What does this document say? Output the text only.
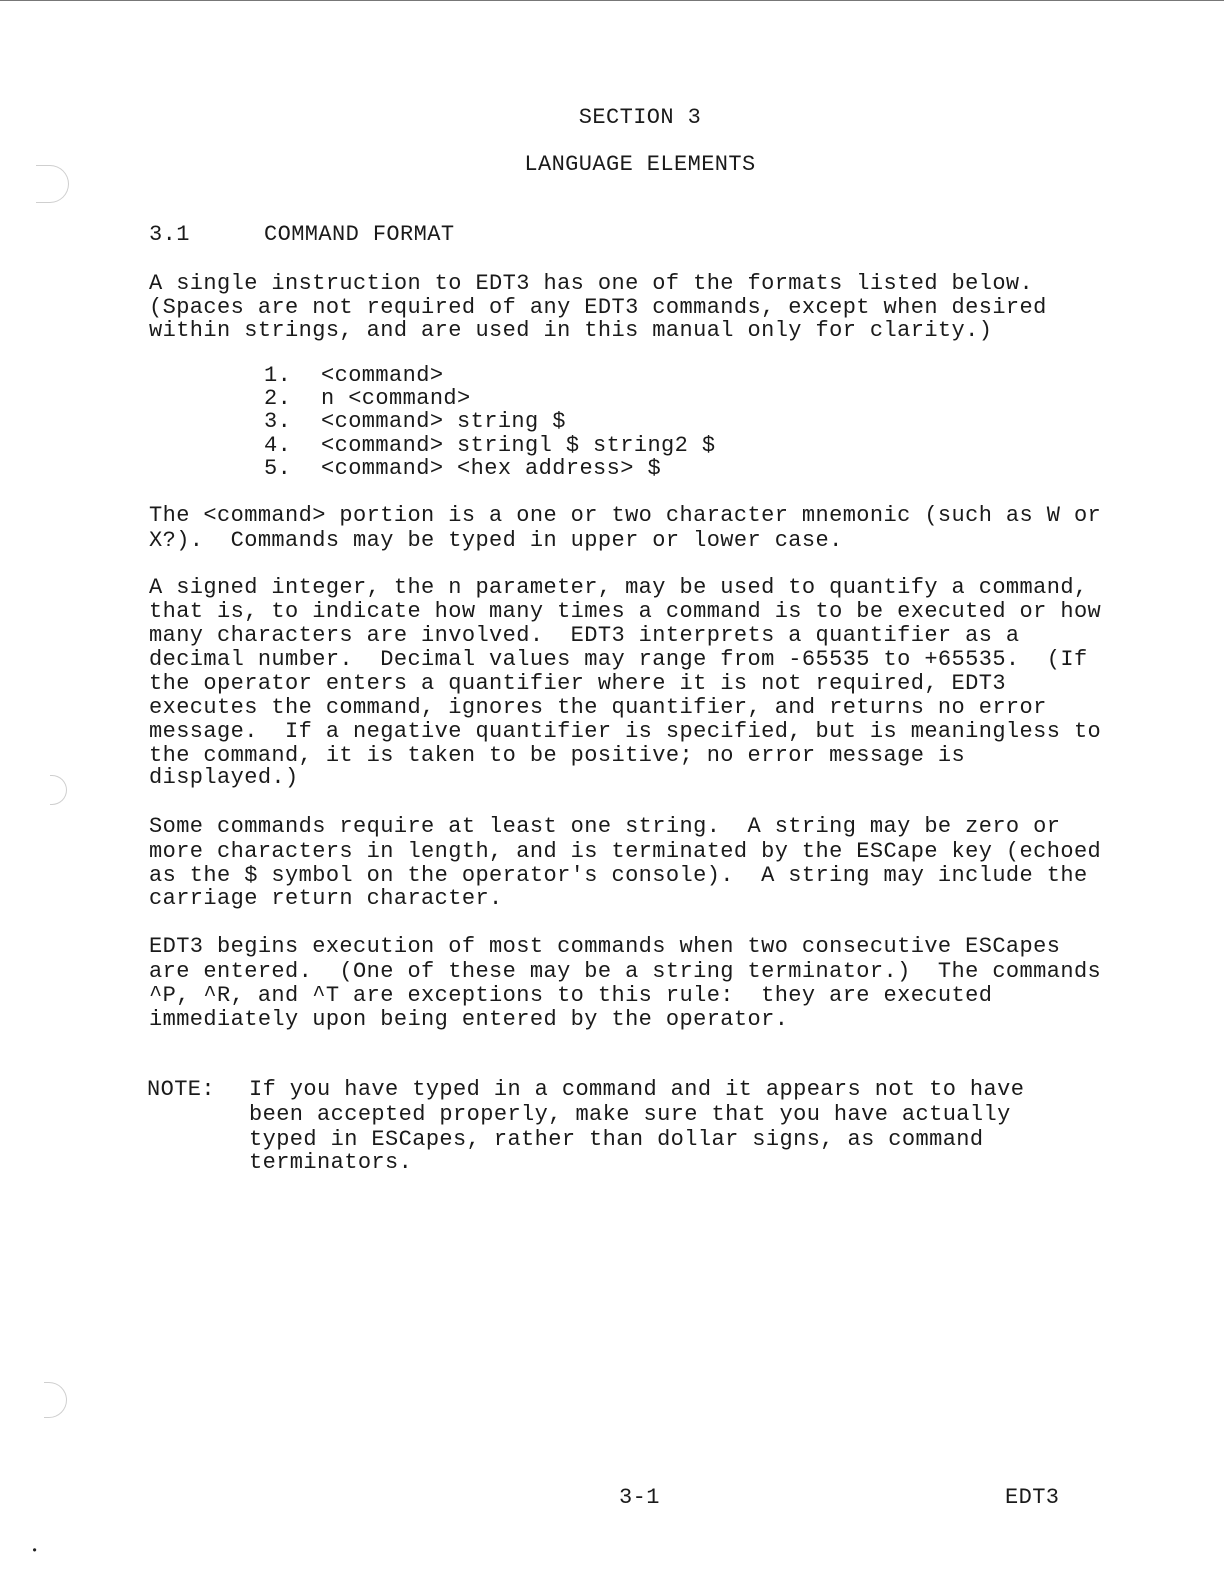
•
SECTION 3
LANGUAGE ELEMENTS
3.1	COMMAND FORMAT
A single instruction to EDT3 has one of the formats listed below.
(Spaces are not required of any EDT3 commands, except when desired
within strings, and are used in this manual only for clarity.)
1. <command>
2. n <command>
3. <command> string $
4. <command> stringl $ string2 $
5. <command> <hex address> $
The <command> portion is a one or two character mnemonic (such as W or
X?).  Commands may be typed in upper or lower case.
A signed integer, the n parameter, may be used to quantify a command,
that is, to indicate how many times a command is to be executed or how
many characters are involved.  EDT3 interprets a quantifier as a
decimal number.  Decimal values may range from -65535 to +65535.  (If
the operator enters a quantifier where it is not required, EDT3
executes the command, ignores the quantifier, and returns no error
message.  If a negative quantifier is specified, but is meaningless to
the command, it is taken to be positive; no error message is
displayed.)
Some commands require at least one string.  A string may be zero or
more characters in length, and is terminated by the ESCape key (echoed
as the $ symbol on the operator's console).  A string may include the
carriage return character.
EDT3 begins execution of most commands when two consecutive ESCapes
are entered.  (One of these may be a string terminator.)  The commands
^P, ^R, and ^T are exceptions to this rule:  they are executed
immediately upon being entered by the operator.
NOTE: If you have typed in a command and it appears not to have
been accepted properly, make sure that you have actually
typed in ESCapes, rather than dollar signs, as command
terminators.
3-1	EDT3
